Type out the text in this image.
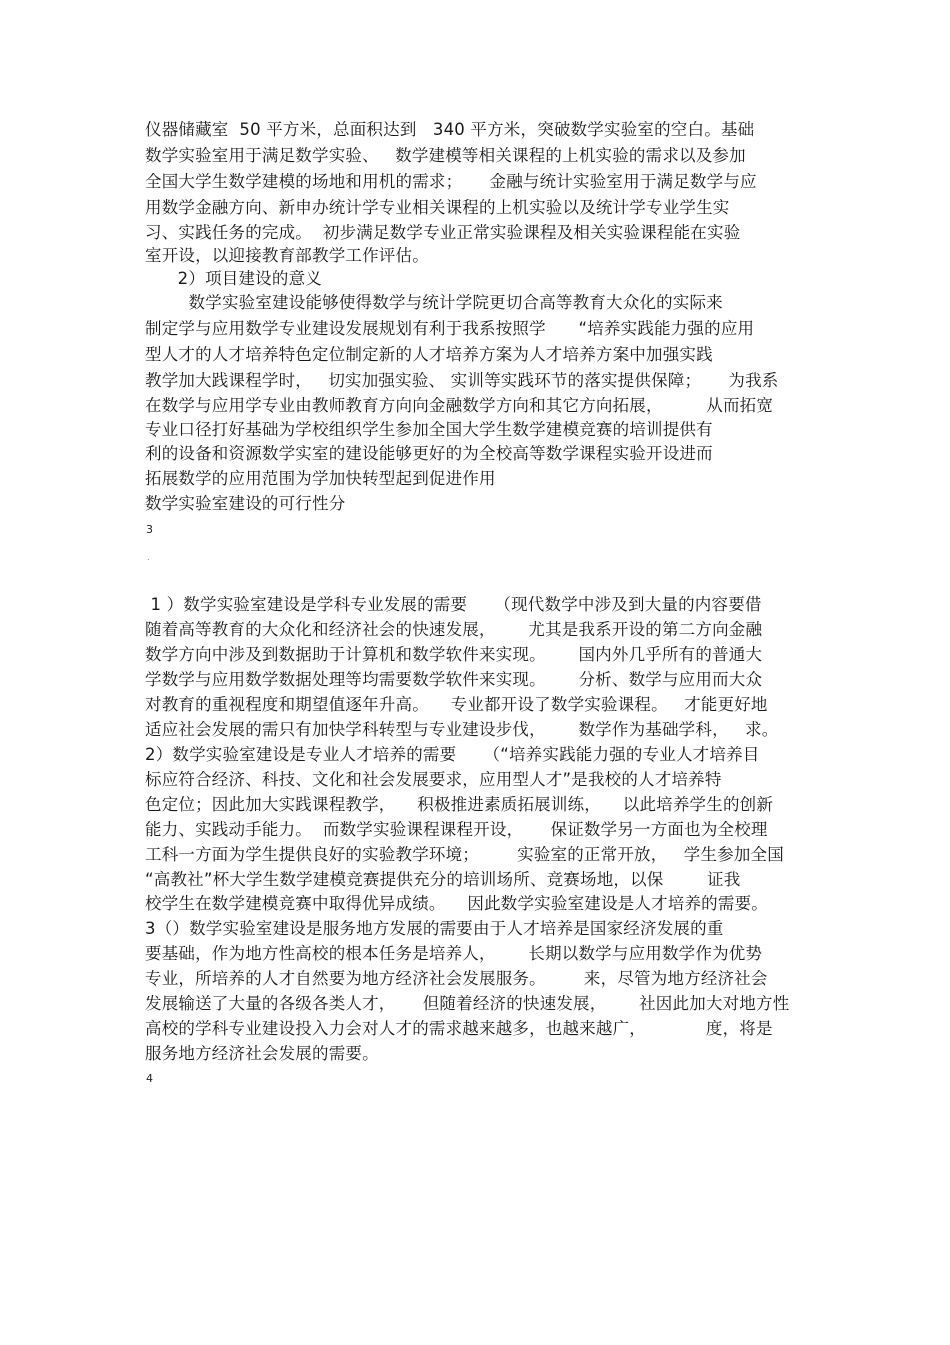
仪器储藏室  50 平方米，总面积达到   340 平方米，突破数学实验室的空白。基础
数学实验室用于满足数学实验、   数学建模等相关课程的上机实验的需求以及参加
全国大学生数学建模的场地和用机的需求；     金融与统计实验室用于满足数学与应
用数学金融方向、新申办统计学专业相关课程的上机实验以及统计学专业学生实
习、实践任务的完成。  初步满足数学专业正常实验课程及相关实验课程能在实验
室开设，以迎接教育部教学工作评估。
2）项目建设的意义
数学实验室建设能够使得数学与统计学院更切合高等教育大众化的实际来
制定学与应用数学专业建设发展规划有利于我系按照学      “培养实践能力强的应用
型人才的人才培养特色定位制定新的人才培养方案为人才培养方案中加强实践
教学加大践课程学时，   切实加强实验、 实训等实践环节的落实提供保障；     为我系
在数学与应用学专业由教师教育方向向金融数学方向和其它方向拓展，        从而拓宽
专业口径打好基础为学校组织学生参加全国大学生数学建模竞赛的培训提供有
利的设备和资源数学实室的建设能够更好的为全校高等数学课程实验开设进而
拓展数学的应用范围为学加快转型起到促进作用
数学实验室建设的可行性分
3
.
1 ）数学实验室建设是学科专业发展的需要     （现代数学中涉及到大量的内容要借
随着高等教育的大众化和经济社会的快速发展，      尤其是我系开设的第二方向金融
数学方向中涉及到数据助于计算机和数学软件来实现。      国内外几乎所有的普通大
学数学与应用数学数据处理等均需要数学软件来实现。      分析、数学与应用而大众
对教育的重视程度和期望值逐年升高。    专业都开设了数学实验课程。   才能更好地
适应社会发展的需只有加快学科转型与专业建设步伐，      数学作为基础学科，   求。
2）数学实验室建设是专业人才培养的需要     （“培养实践能力强的专业人才培养目
标应符合经济、科技、文化和社会发展要求，应用型人才”是我校的人才培养特
色定位；因此加大实践课程教学，    积极推进素质拓展训练，    以此培养学生的创新
能力、实践动手能力。  而数学实验课程课程开设，     保证数学另一方面也为全校理
工科一方面为学生提供良好的实验教学环境；       实验室的正常开放，   学生参加全国
“高教社”杯大学生数学建模竞赛提供充分的培训场所、竞赛场地，以保        证我
校学生在数学建模竞赛中取得优异成绩。    因此数学实验室建设是人才培养的需要。
3（）数学实验室建设是服务地方发展的需要由于人才培养是国家经济发展的重
要基础，作为地方性高校的根本任务是培养人，      长期以数学与应用数学作为优势
专业，所培养的人才自然要为地方经济社会发展服务。       来，尽管为地方经济社会
发展输送了大量的各级各类人才，     但随着经济的快速发展，      社因此加大对地方性
高校的学科专业建设投入力会对人才的需求越来越多，也越来越广，           度，将是
服务地方经济社会发展的需要。
4
